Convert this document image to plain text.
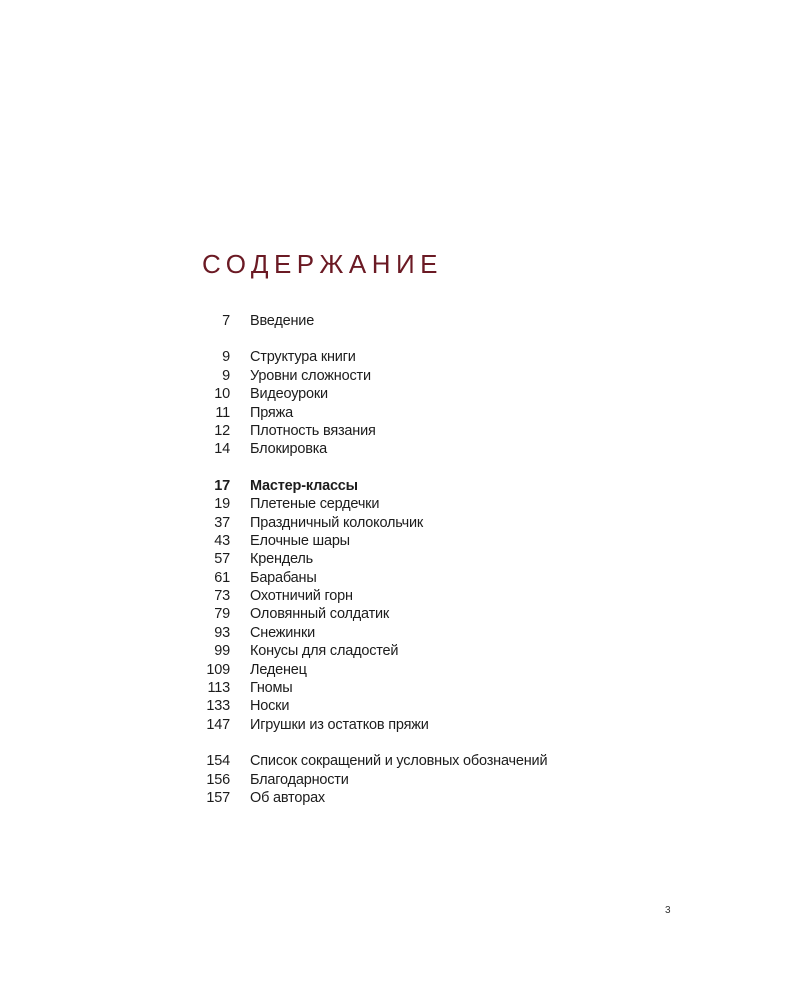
СОДЕРЖАНИЕ
7 Введение
9 Структура книги
9 Уровни сложности
10 Видеоуроки
11 Пряжа
12 Плотность вязания
14 Блокировка
17 Мастер-классы
19 Плетеные сердечки
37 Праздничный колокольчик
43 Елочные шары
57 Крендель
61 Барабаны
73 Охотничий горн
79 Оловянный солдатик
93 Снежинки
99 Конусы для сладостей
109 Леденец
113 Гномы
133 Носки
147 Игрушки из остатков пряжи
154 Список сокращений и условных обозначений
156 Благодарности
157 Об авторах
3
